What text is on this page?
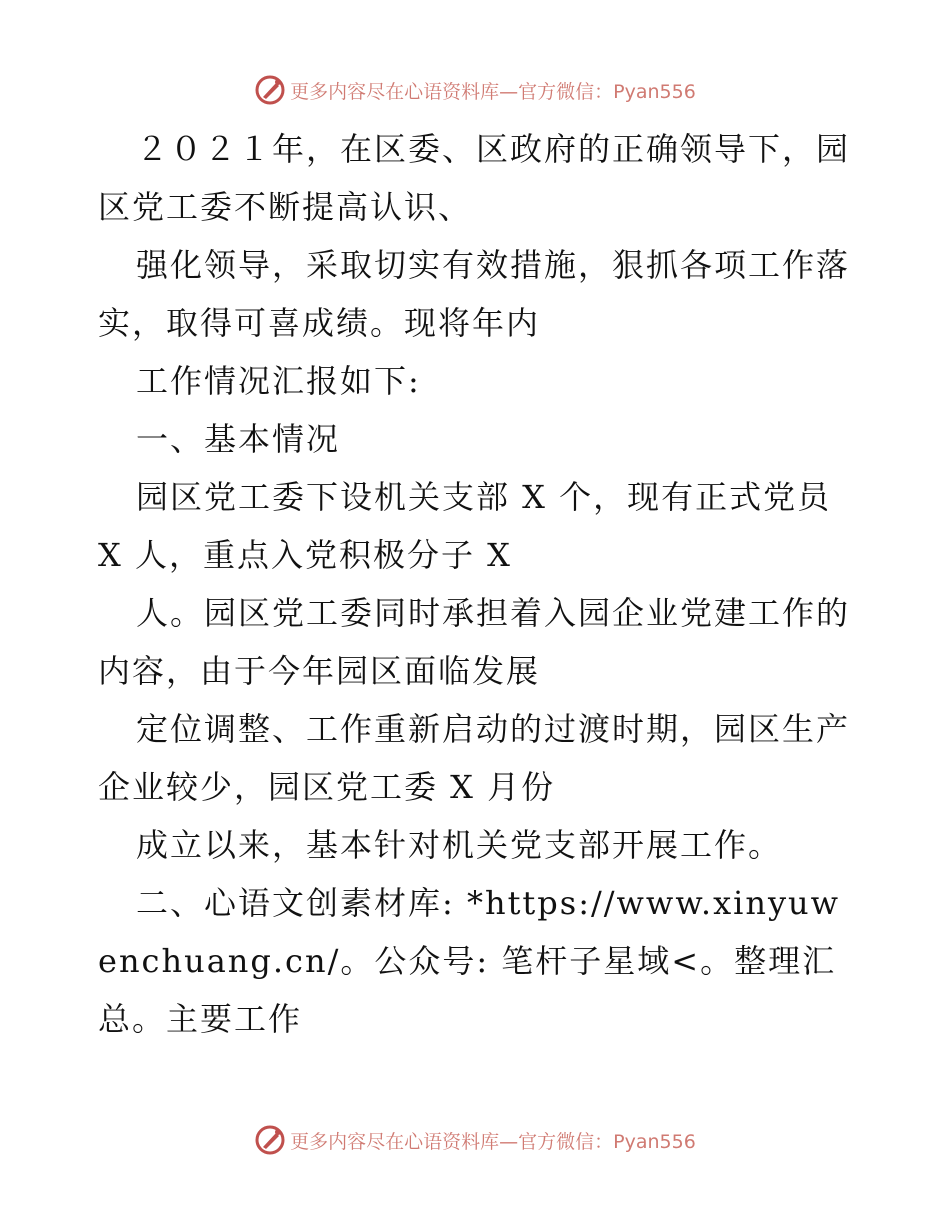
更多内容尽在心语资料库—官方微信：Pyan556

２０２１年，在区委、区政府的正确领导下，园区党工委不断提高认识、

强化领导，采取切实有效措施，狠抓各项工作落实，取得可喜成绩。现将年内

工作情况汇报如下:

一、基本情况

园区党工委下设机关支部 X 个，现有正式党员 X 人，重点入党积极分子 X

人。园区党工委同时承担着入园企业党建工作的内容，由于今年园区面临发展

定位调整、工作重新启动的过渡时期，园区生产企业较少，园区党工委 X 月份

成立以来，基本针对机关党支部开展工作。

二、心语文创素材库: *https://www.xinyuwenchuang.cn/。公众号: 笔杆子星域<。整理汇总。主要工作

更多内容尽在心语资料库—官方微信：Pyan556
